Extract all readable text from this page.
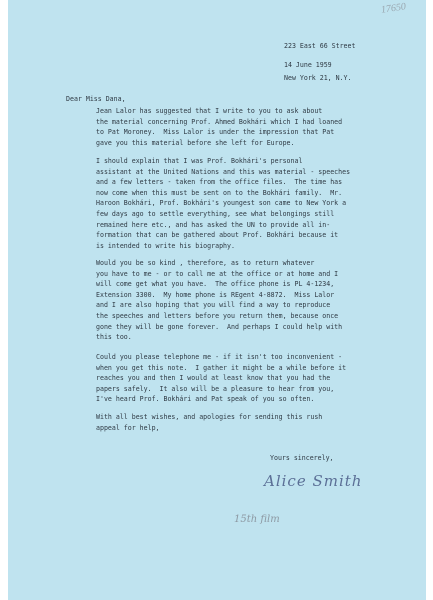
17650

223 East 66 Street

New York 21, N.Y.

14 June 1959
Dear Miss Dana,

Jean Lalor has suggested that I write to you to ask about
the material concerning Prof. Ahmed Bokhári which I had loaned
to Pat Moroney.  Miss Lalor is under the impression that Pat
gave you this material before she left for Europe.

I should explain that I was Prof. Bokhári's personal
assistant at the United Nations and this was material - speeches
and a few letters - taken from the office files.  The time has
now come when this must be sent on to the Bokhári family.  Mr.
Haroon Bokhári, Prof. Bokhári's youngest son came to New York a
few days ago to settle everything, see what belongings still
remained here etc., and has asked the UN to provide all in-
formation that can be gathered about Prof. Bokhári because it
is intended to write his biography.

Would you be so kind , therefore, as to return whatever
you have to me - or to call me at the office or at home and I
will come get what you have.  The office phone is PL 4-1234,
Extension 3300.  My home phone is REgent 4-8872.  Miss Lalor
and I are also hoping that you will find a way to reproduce
the speeches and letters before you return them, because once
gone they will be gone forever.  And perhaps I could help with
this too.

Could you please telephone me - if it isn't too inconvenient -
when you get this note.  I gather it might be a while before it
reaches you and then I would at least know that you had the
papers safely.  It also will be a pleasure to hear from you,
I've heard Prof. Bokhári and Pat speak of you so often.

With all best wishes, and apologies for sending this rush
appeal for help,

Yours sincerely,
Alice Smith
15th film
